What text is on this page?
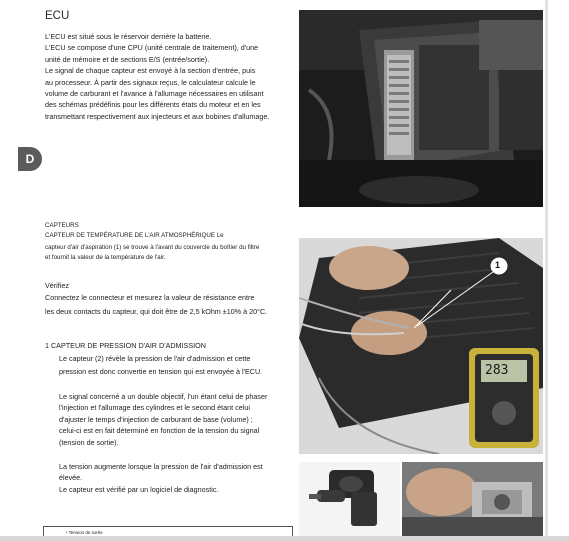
ECU
D
L'ECU est situé sous le réservoir derrière la batterie.
L'ECU se compose d'une CPU (unité centrale de traitement), d'une
unité de mémoire et de sections E/S (entrée/sortie).
Le signal de chaque capteur est envoyé à la section d'entrée, puis
au processeur. À partir des signaux reçus, le calculateur calcule le
volume de carburant et l'avance à l'allumage nécessaires en utilisant
des schémas prédéfinis pour les différents états du moteur et en les
transmettant respectivement aux injecteurs et aux bobines d'allumage.
CAPTEURS
CAPTEUR DE TEMPÉRATURE DE L'AIR ATMOSPHÉRIQUE Le
capteur d'air d'aspiration (1) se trouve à l'avant du couvercle du boîtier du filtre
et fournit la valeur de la température de l'air.
Vérifiez
Connectez le connecteur et mesurez la valeur de résistance entre
les deux contacts du capteur, qui doit être de 2,5 kOhm ±10% à 20°C.
1
283
1 CAPTEUR DE PRESSION D'AIR D'ADMISSION
Le capteur (2) révèle la pression de l'air d'admission et cette
pression est donc convertie en tension qui est envoyée à l'ECU.
Le signal concerné a un double objectif, l'un étant celui de phaser
l'injection et l'allumage des cylindres et le second étant celui
d'ajuster le temps d'injection de carburant de base (volume) ;
celui-ci est en fait déterminé en fonction de la tension du signal
(tension de sortie).
La tension augmente lorsque la pression de l'air d'admission est
élevée.
Le capteur est vérifié par un logiciel de diagnostic.
¹ Tension de sortie
